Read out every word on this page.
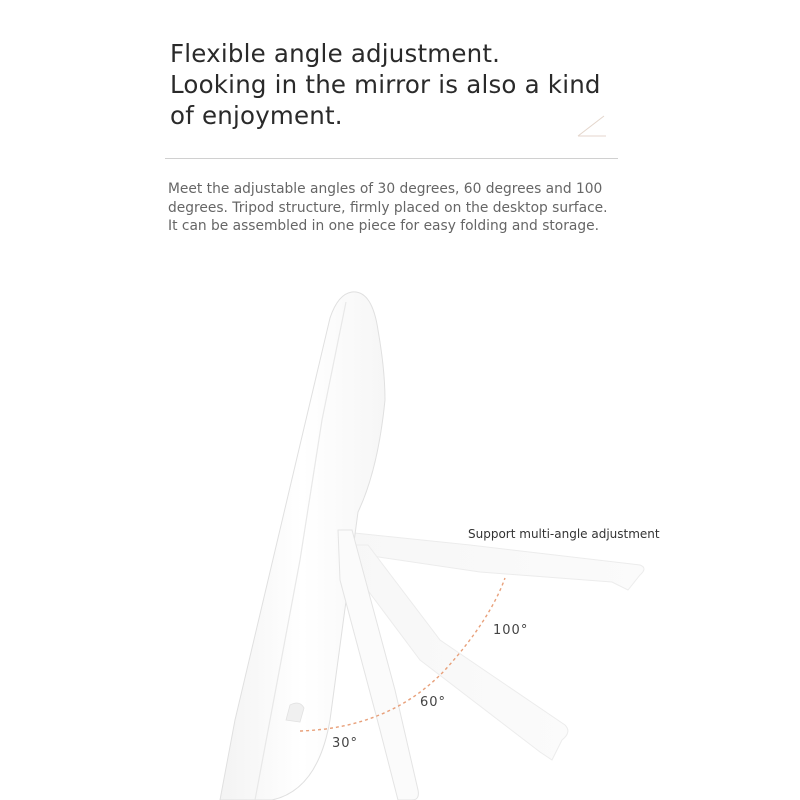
Flexible angle adjustment.
Looking in the mirror is also a kind
of enjoyment.
Meet the adjustable angles of 30 degrees, 60 degrees and 100
degrees. Tripod structure, firmly placed on the desktop surface.
It can be assembled in one piece for easy folding and storage.
Support multi-angle adjustment
100°
60°
30°
